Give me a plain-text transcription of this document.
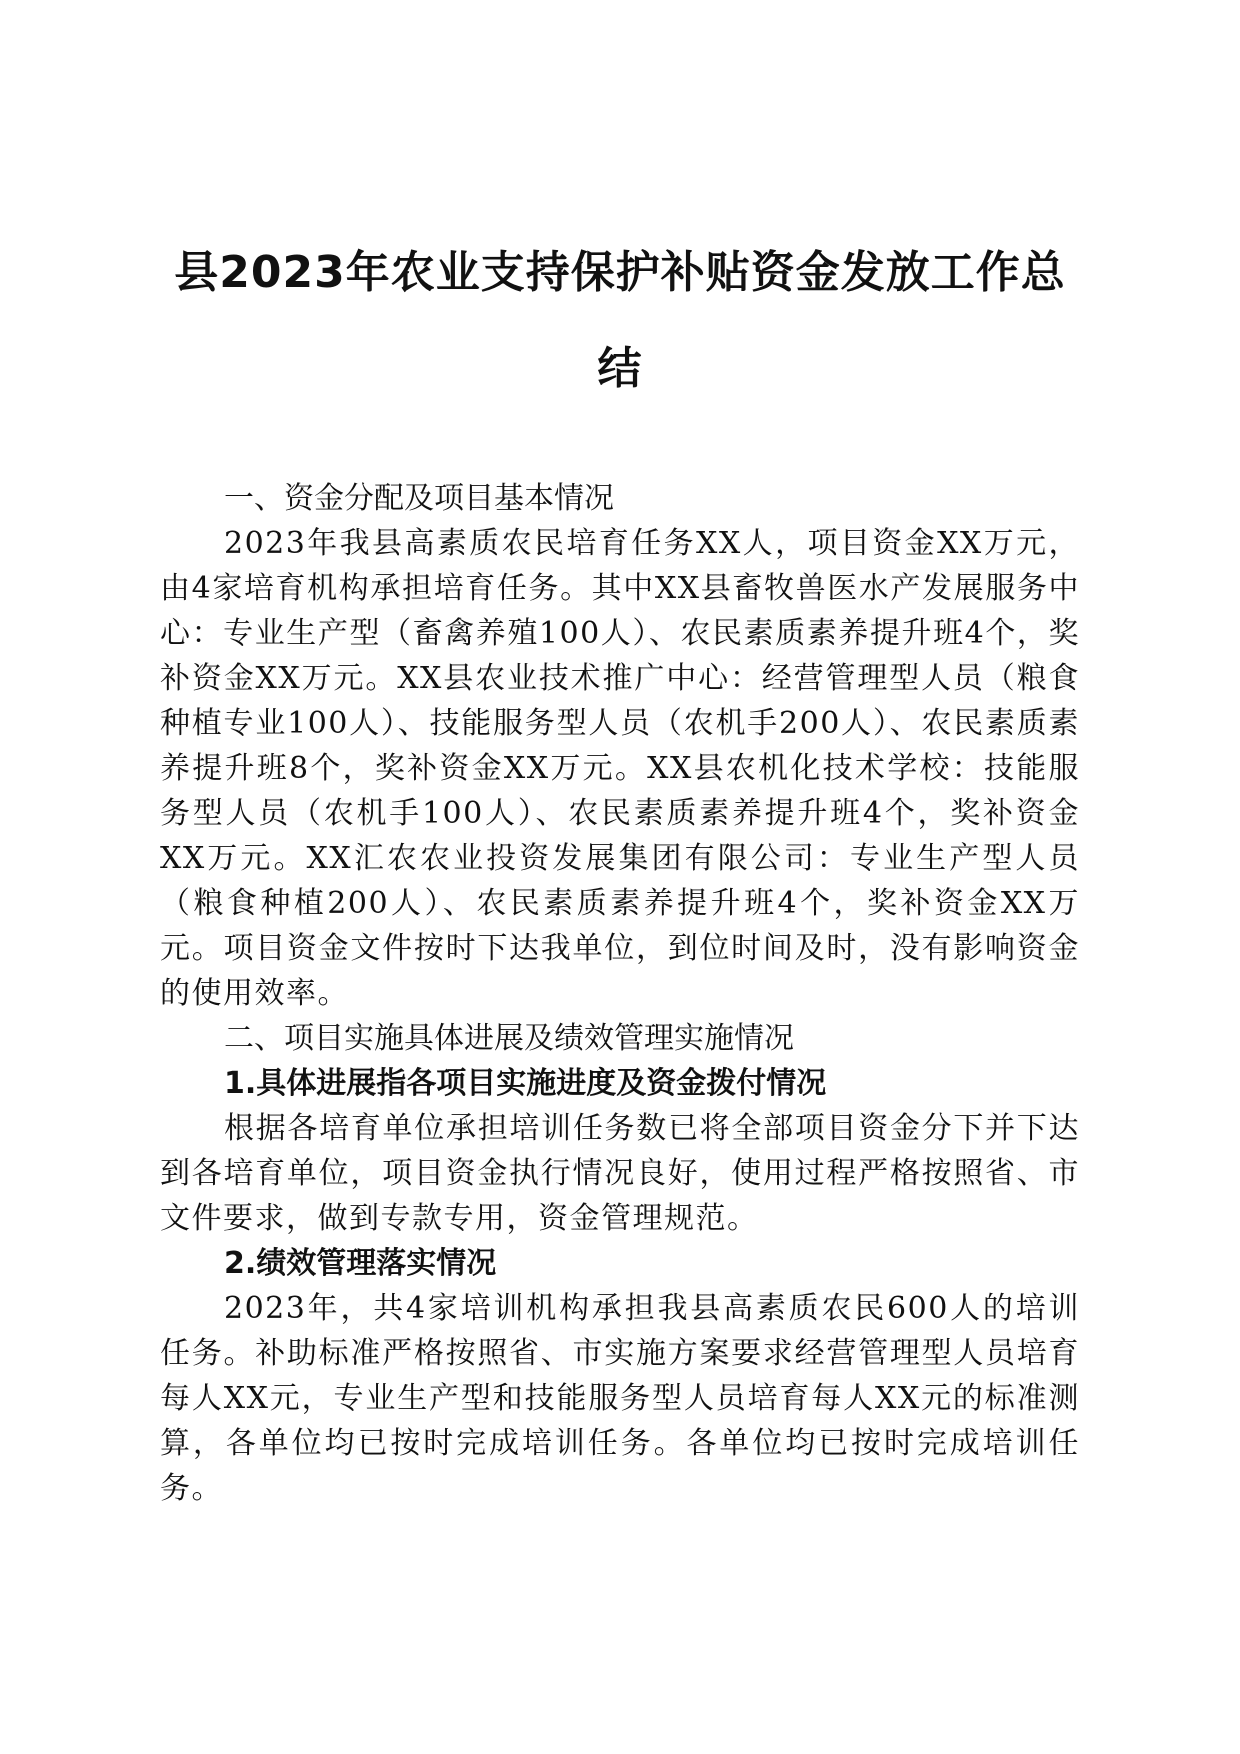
县2023年农业支持保护补贴资金发放工作总结
一、资金分配及项目基本情况

2023年我县高素质农民培育任务XX人，项目资金XX万元，由4家培育机构承担培育任务。其中XX县畜牧兽医水产发展服务中心：专业生产型（畜禽养殖100人）、农民素质素养提升班4个，奖补资金XX万元。XX县农业技术推广中心：经营管理型人员（粮食种植专业100人）、技能服务型人员（农机手200人）、农民素质素养提升班8个，奖补资金XX万元。XX县农机化技术学校：技能服务型人员（农机手100人）、农民素质素养提升班4个，奖补资金XX万元。XX汇农农业投资发展集团有限公司：专业生产型人员（粮食种植200人）、农民素质素养提升班4个，奖补资金XX万元。项目资金文件按时下达我单位，到位时间及时，没有影响资金的使用效率。

二、项目实施具体进展及绩效管理实施情况
1.具体进展指各项目实施进度及资金拨付情况

根据各培育单位承担培训任务数已将全部项目资金分下并下达到各培育单位，项目资金执行情况良好，使用过程严格按照省、市文件要求，做到专款专用，资金管理规范。

2.绩效管理落实情况

2023年，共4家培训机构承担我县高素质农民600人的培训任务。补助标准严格按照省、市实施方案要求经营管理型人员培育每人XX元，专业生产型和技能服务型人员培育每人XX元的标准测算，各单位均已按时完成培训任务。各单位均已按时完成培训任务。
